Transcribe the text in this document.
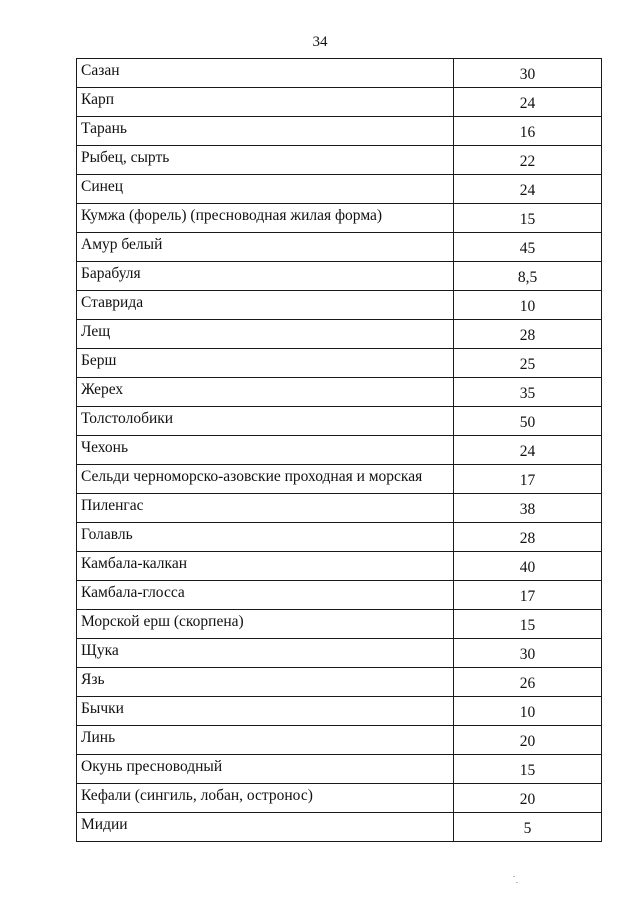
34
Сазан	30
Карп	24
Тарань	16
Рыбец, сырть	22
Синец	24
Кумжа (форель) (пресноводная жилая форма)	15
Амур белый	45
Барабуля	8,5
Ставрида	10
Лещ	28
Берш	25
Жерех	35
Толстолобики	50
Чехонь	24
Сельди черноморско-азовские проходная и морская	17
Пиленгас	38
Голавль	28
Камбала-калкан	40
Камбала-глосса	17
Морской ерш (скорпена)	15
Щука	30
Язь	26
Бычки	10
Линь	20
Окунь пресноводный	15
Кефали (сингиль, лобан, остронос)	20
Мидии	5
